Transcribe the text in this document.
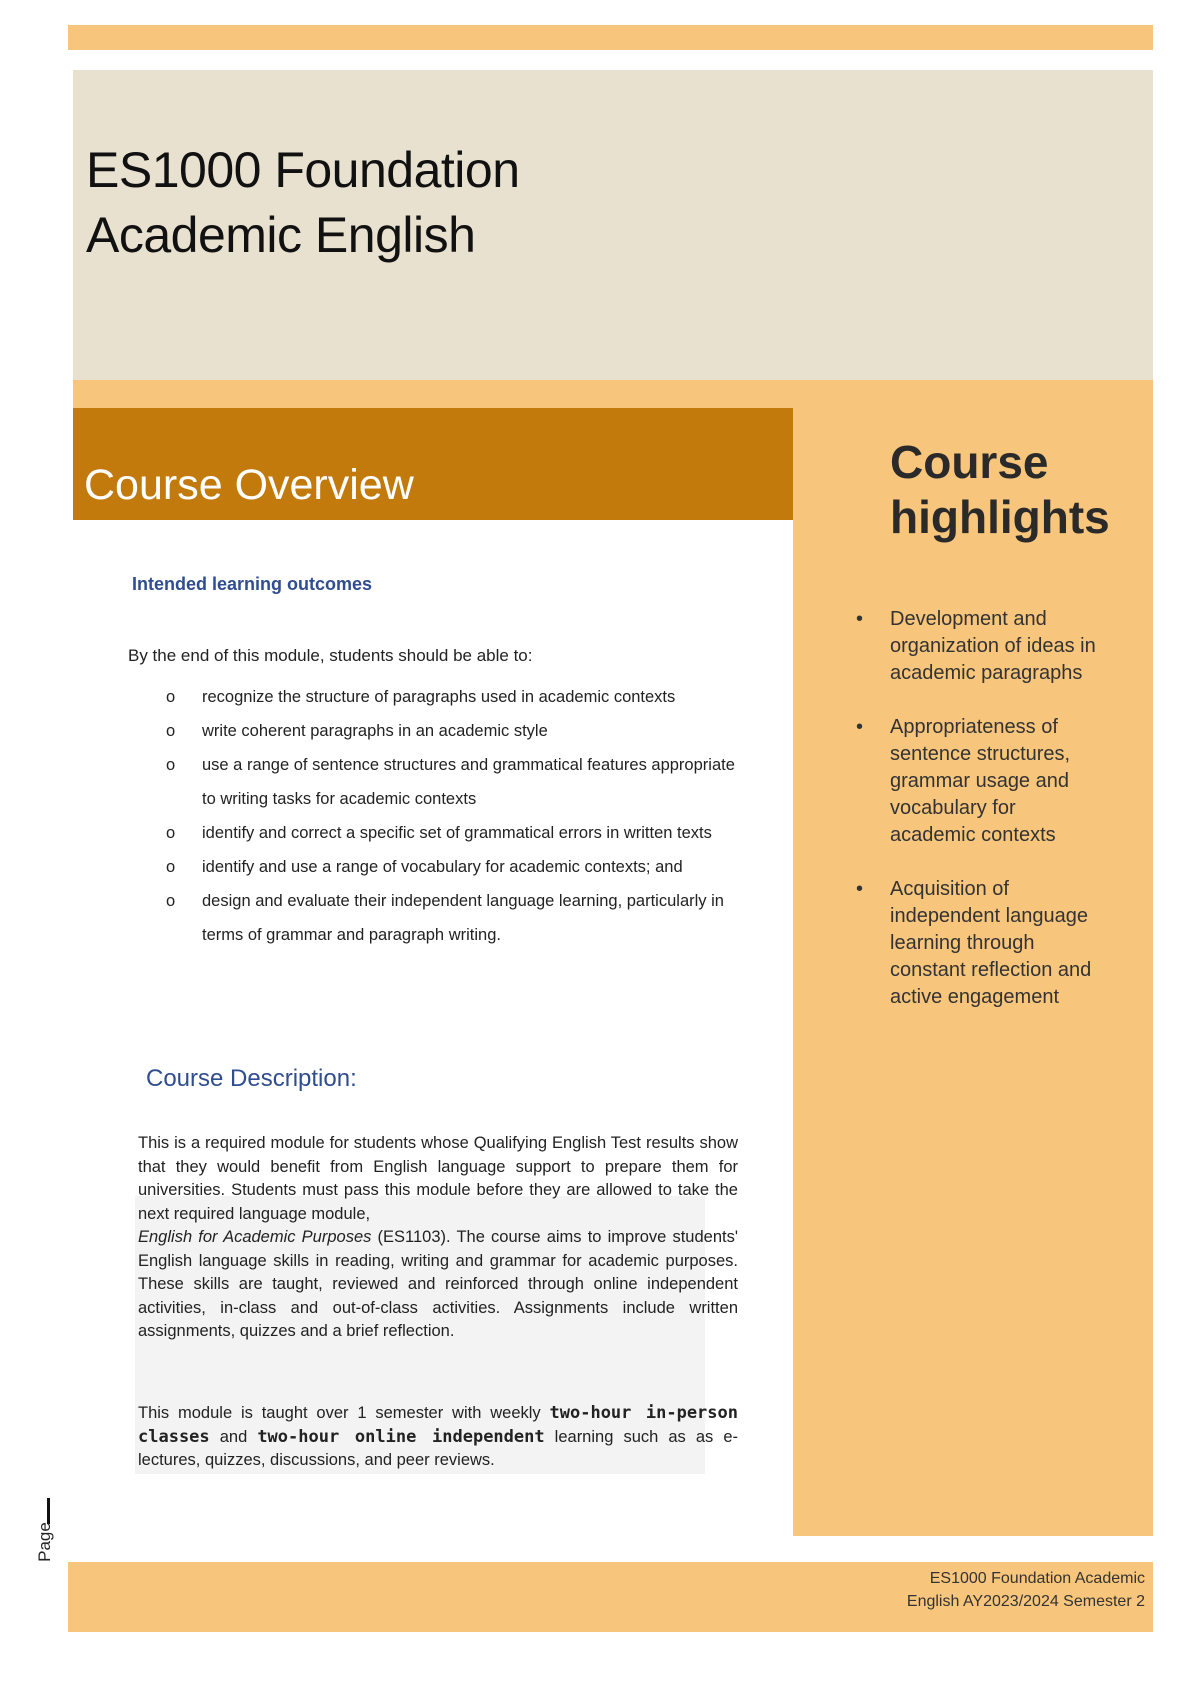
ES1000 Foundation
Academic English
Course Overview
Intended learning outcomes
By the end of this module, students should be able to:
o recognize the structure of paragraphs used in academic contexts
o write coherent paragraphs in an academic style
o use a range of sentence structures and grammatical features appropriate to writing tasks for academic contexts
o identify and correct a specific set of grammatical errors in written texts
o identify and use a range of vocabulary for academic contexts; and
o design and evaluate their independent language learning, particularly in terms of grammar and paragraph writing.
Course Description:

This is a required module for students whose Qualifying English Test results show that they would benefit from English language support to prepare them for universities. Students must pass this module before they are allowed to take the next required language module,
English for Academic Purposes (ES1103). The course aims to improve students' English language skills in reading, writing and grammar for academic purposes. These skills are taught, reviewed and reinforced through online independent activities, in-class and out-of-class activities. Assignments include written assignments, quizzes and a brief reflection.

This module is taught over 1 semester with weekly two-hour in-person classes and two-hour online independent learning such as as e-lectures, quizzes, discussions, and peer reviews.

Course
highlights
• Development and organization of ideas in academic paragraphs
• Appropriateness of sentence structures, grammar usage and vocabulary for academic contexts
• Acquisition of independent language learning through constant reflection and active engagement
ES1000 Foundation Academic
English AY2023/2024 Semester 2
Page
